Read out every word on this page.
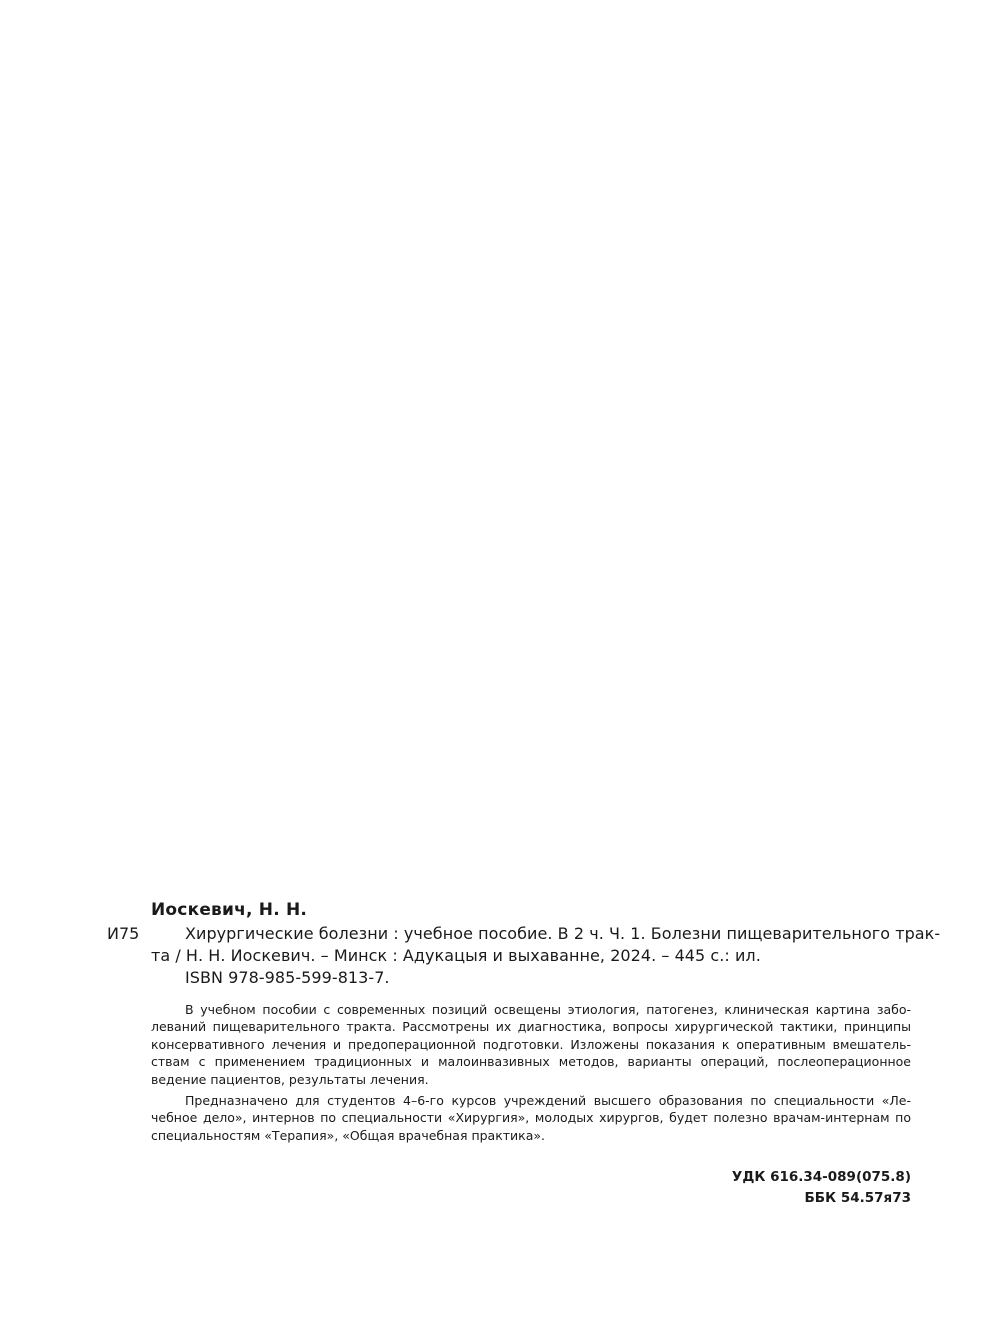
Иоскевич, Н. Н.
И75	Хирургические болезни : учебное пособие. В 2 ч. Ч. 1. Болезни пищеварительного трак-
та / Н. Н. Иоскевич. – Минск : Адукацыя и выхаванне, 2024. – 445 с.: ил.
ISBN 978-985-599-813-7.
В учебном пособии с современных позиций освещены этиология, патогенез, клиническая картина забо-
леваний пищеварительного тракта. Рассмотрены их диагностика, вопросы хирургической тактики, принципы
консервативного лечения и предоперационной подготовки. Изложены показания к оперативным вмешатель-
ствам с применением традиционных и малоинвазивных методов, варианты операций, послеоперационное
ведение пациентов, результаты лечения.
Предназначено для студентов 4–6-го курсов учреждений высшего образования по специальности «Ле-
чебное дело», интернов по специальности «Хирургия», молодых хирургов, будет полезно врачам-интернам по
специальностям «Терапия», «Общая врачебная практика».
УДК 616.34-089(075.8)
ББК 54.57я73
